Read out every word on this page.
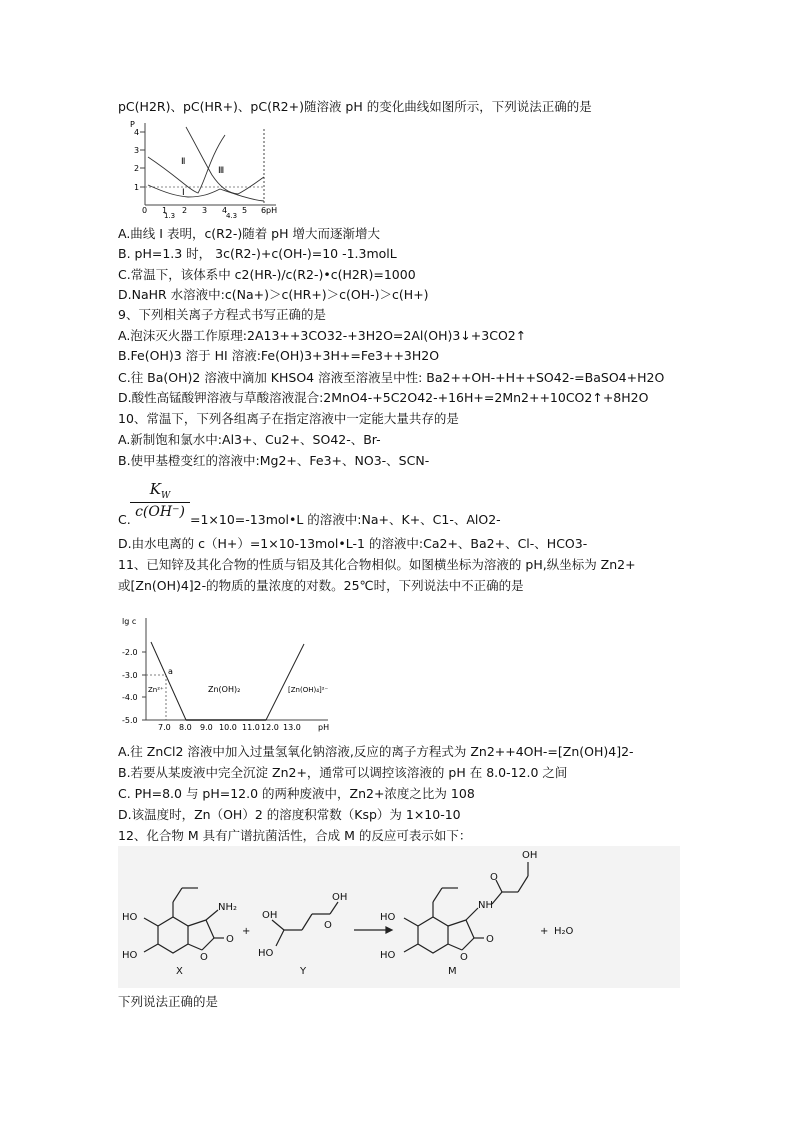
pC(H2R)、pC(HR+)、pC(R2+)随溶液 pH 的变化曲线如图所示，下列说法正确的是
P
1
2
3
4
0 1 2 3 4 5 6
1.3	4.3
pH
Ⅰ
Ⅱ
Ⅲ
A.曲线 I 表明，c(R2-)随着 pH 增大而逐渐增大
B. pH=1.3 时， 3c(R2-)+c(OH-)=10 -1.3molL
C.常温下，该体系中 c2(HR-)/c(R2-)•c(H2R)=1000
D.NaHR 水溶液中:c(Na+)＞c(HR+)＞c(OH-)＞c(H+)
9、下列相关离子方程式书写正确的是
A.泡沫灭火器工作原理:2A13++3CO32-+3H2O=2Al(OH)3↓+3CO2↑
B.Fe(OH)3 溶于 HI 溶液:Fe(OH)3+3H+=Fe3++3H2O
C.往 Ba(OH)2 溶液中滴加 KHSO4 溶液至溶液呈中性: Ba2++OH-+H++SO42-=BaSO4+H2O
D.酸性高锰酸钾溶液与草酸溶液混合:2MnO4-+5C2O42-+16H+=2Mn2++10CO2↑+8H2O
10、常温下，下列各组离子在指定溶液中一定能大量共存的是
A.新制饱和氯水中:Al3+、Cu2+、SO42-、Br-
B.使甲基橙变红的溶液中:Mg2+、Fe3+、NO3-、SCN-
$K_W$
c(OH⁻)
C.	=1×10=-13mol•L 的溶液中:Na+、K+、C1-、AlO2-
D.由水电离的 c（H+）=1×10-13mol•L-1 的溶液中:Ca2+、Ba2+、Cl-、HCO3-
11、已知锌及其化合物的性质与铝及其化合物相似。如图横坐标为溶液的 pH,纵坐标为 Zn2+
或[Zn(OH)4]2-的物质的量浓度的对数。25℃时，下列说法中不正确的是
lg c
-2.0
-3.0
-4.0
-5.0
7.0 8.0 9.0 10.0 11.0 12.0 13.0 pH
a
Zn²⁺	Zn(OH)₂	[Zn(OH)₄]²⁻
A.往 ZnCl2 溶液中加入过量氢氧化钠溶液,反应的离子方程式为 Zn2++4OH-=[Zn(OH)4]2-
B.若要从某废液中完全沉淀 Zn2+，通常可以调控该溶液的 pH 在 8.0-12.0 之间
C. PH=8.0 与 pH=12.0 的两种废液中，Zn2+浓度之比为 108
D.该温度时，Zn（OH）2 的溶度积常数（Ksp）为 1×10-10
12、化合物 M 具有广谱抗菌活性，合成 M 的反应可表示如下：
HO
HO
NH₂
O
OH
O
OH
HO
O
HO
HO
NH
O
O
O
OH
+	+ H₂O
X	Y	M
下列说法正确的是
